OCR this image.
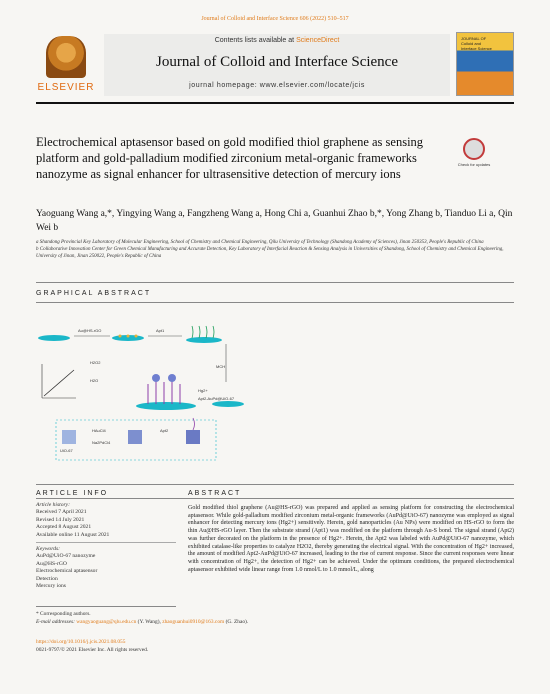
Journal of Colloid and Interface Science 606 (2022) 510–517
ELSEVIER
Contents lists available at ScienceDirect
Journal of Colloid and Interface Science
journal homepage: www.elsevier.com/locate/jcis
JOURNAL OF
Colloid and
Interface Science
Electrochemical aptasensor based on gold modified thiol graphene as sensing platform and gold-palladium modified zirconium metal-organic frameworks nanozyme as signal enhancer for ultrasensitive detection of mercury ions
Check for updates
Yaoguang Wang a,*, Yingying Wang a, Fangzheng Wang a, Hong Chi a, Guanhui Zhao b,*, Yong Zhang b, Tianduo Li a, Qin Wei b
a Shandong Provincial Key Laboratory of Molecular Engineering, School of Chemistry and Chemical Engineering, Qilu University of Technology (Shandong Academy of Sciences), Jinan 250353, People's Republic of China
b Collaborative Innovation Center for Green Chemical Manufacturing and Accurate Detection, Key Laboratory of Interfacial Reaction & Sensing Analysis in Universities of Shandong, School of Chemistry and Chemical Engineering, University of Jinan, Jinan 250022, People's Republic of China
GRAPHICAL ABSTRACT
Au@HS-rGO	Apt1
MCH
H2O2
H2O
Hg2+
Apt2-AuPd@UiO-67
UiO-67
HAuCl4
Na2PdCl4
Apt2
ARTICLE INFO	ABSTRACT
Article history:
Received 7 April 2021
Revised 14 July 2021
Accepted 8 August 2021
Available online 11 August 2021
Keywords:
AuPd@UiO-67 nanozyme
Au@HS-rGO
Electrochemical aptasensor
Detection
Mercury ions
Gold modified thiol graphene (Au@HS-rGO) was prepared and applied as sensing platform for constructing the electrochemical aptasensor. While gold-palladium modified zirconium metal-organic frameworks (AuPd@UiO-67) nanozyme was employed as signal enhancer for detecting mercury ions (Hg2+) sensitively. Herein, gold nanoparticles (Au NPs) were modified on HS-rGO to form the thin Au@HS-rGO layer. Then the substrate strand (Apt1) was modified on the platform through Au-S bond. The signal strand (Apt2) was further decorated on the platform in the presence of Hg2+. Herein, the Apt2 was labeled with AuPd@UiO-67 nanozyme, which exhibited catalase-like properties to catalyze H2O2, thereby generating the electrical signal. With the concentration of Hg2+ increased, the amount of modified Apt2-AuPd@UiO-67 increased, leading to the rise of current response. Since the current responses were linear with concentration of Hg2+, the detection of Hg2+ can be achieved. Under the optimum conditions, the prepared electrochemical aptasensor exhibited wide linear range from 1.0 nmol/L to 1.0 mmol/L, along
* Corresponding authors.
E-mail addresses: wangyaoguang@qlu.edu.cn (Y. Wang), zhaoguanhui0910@163.com (G. Zhao).
https://doi.org/10.1016/j.jcis.2021.08.055
0021-9797/© 2021 Elsevier Inc. All rights reserved.
